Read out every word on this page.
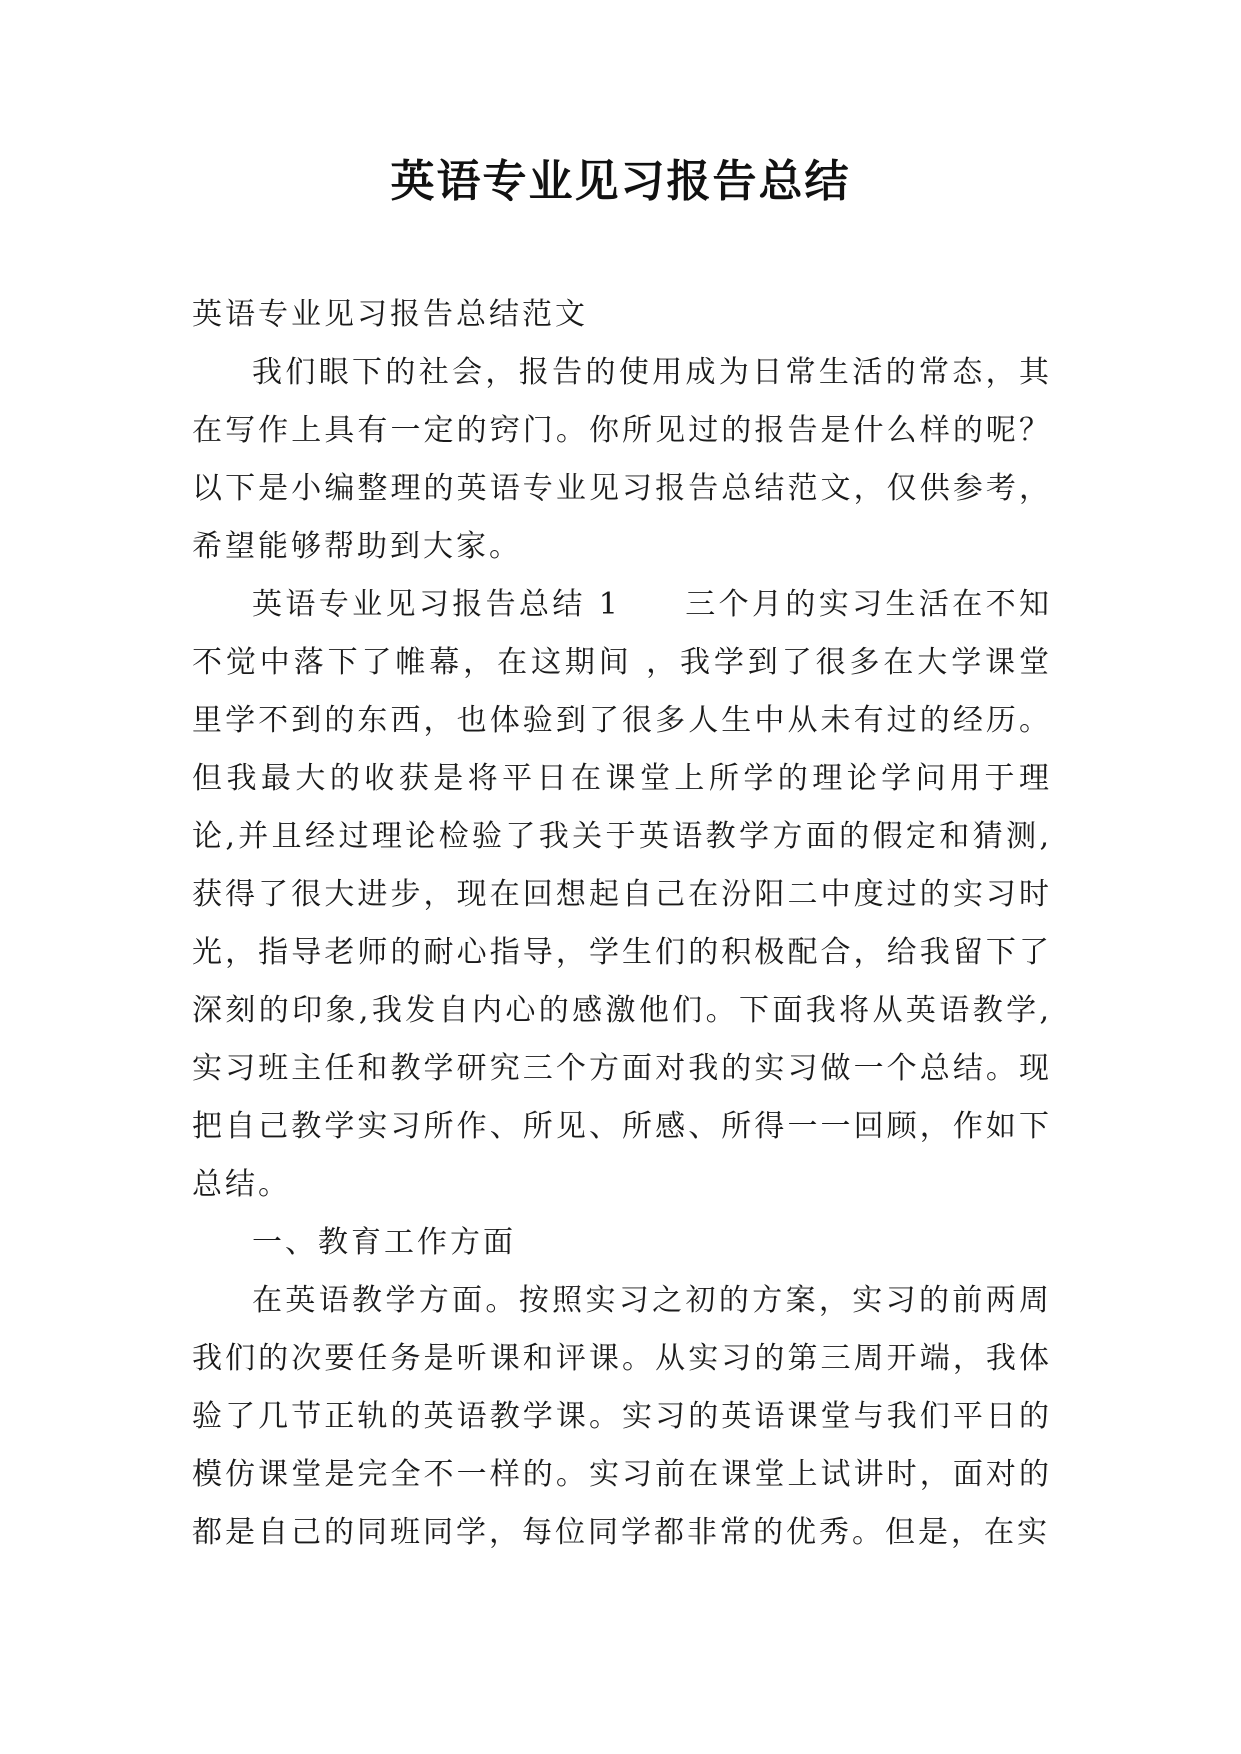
英语专业见习报告总结

英语专业见习报告总结范文

我们眼下的社会，报告的使用成为日常生活的常态，其在写作上具有一定的窍门。你所见过的报告是什么样的呢？以下是小编整理的英语专业见习报告总结范文，仅供参考，希望能够帮助到大家。

英语专业见习报告总结 1 三个月的实习生活在不知不觉中落下了帷幕，在这期间 ，我学到了很多在大学课堂里学不到的东西，也体验到了很多人生中从未有过的经历。但我最大的收获是将平日在课堂上所学的理论学问用于理论,并且经过理论检验了我关于英语教学方面的假定和猜测,获得了很大进步，现在回想起自己在汾阳二中度过的实习时光，指导老师的耐心指导，学生们的积极配合，给我留下了深刻的印象,我发自内心的感激他们。下面我将从英语教学,实习班主任和教学研究三个方面对我的实习做一个总结。现把自己教学实习所作、所见、所感、所得一一回顾，作如下总结。

一、教育工作方面

在英语教学方面。按照实习之初的方案，实习的前两周我们的次要任务是听课和评课。从实习的第三周开端，我体验了几节正轨的英语教学课。实习的英语课堂与我们平日的模仿课堂是完全不一样的。实习前在课堂上试讲时，面对的都是自己的同班同学，每位同学都非常的优秀。但是，在实
